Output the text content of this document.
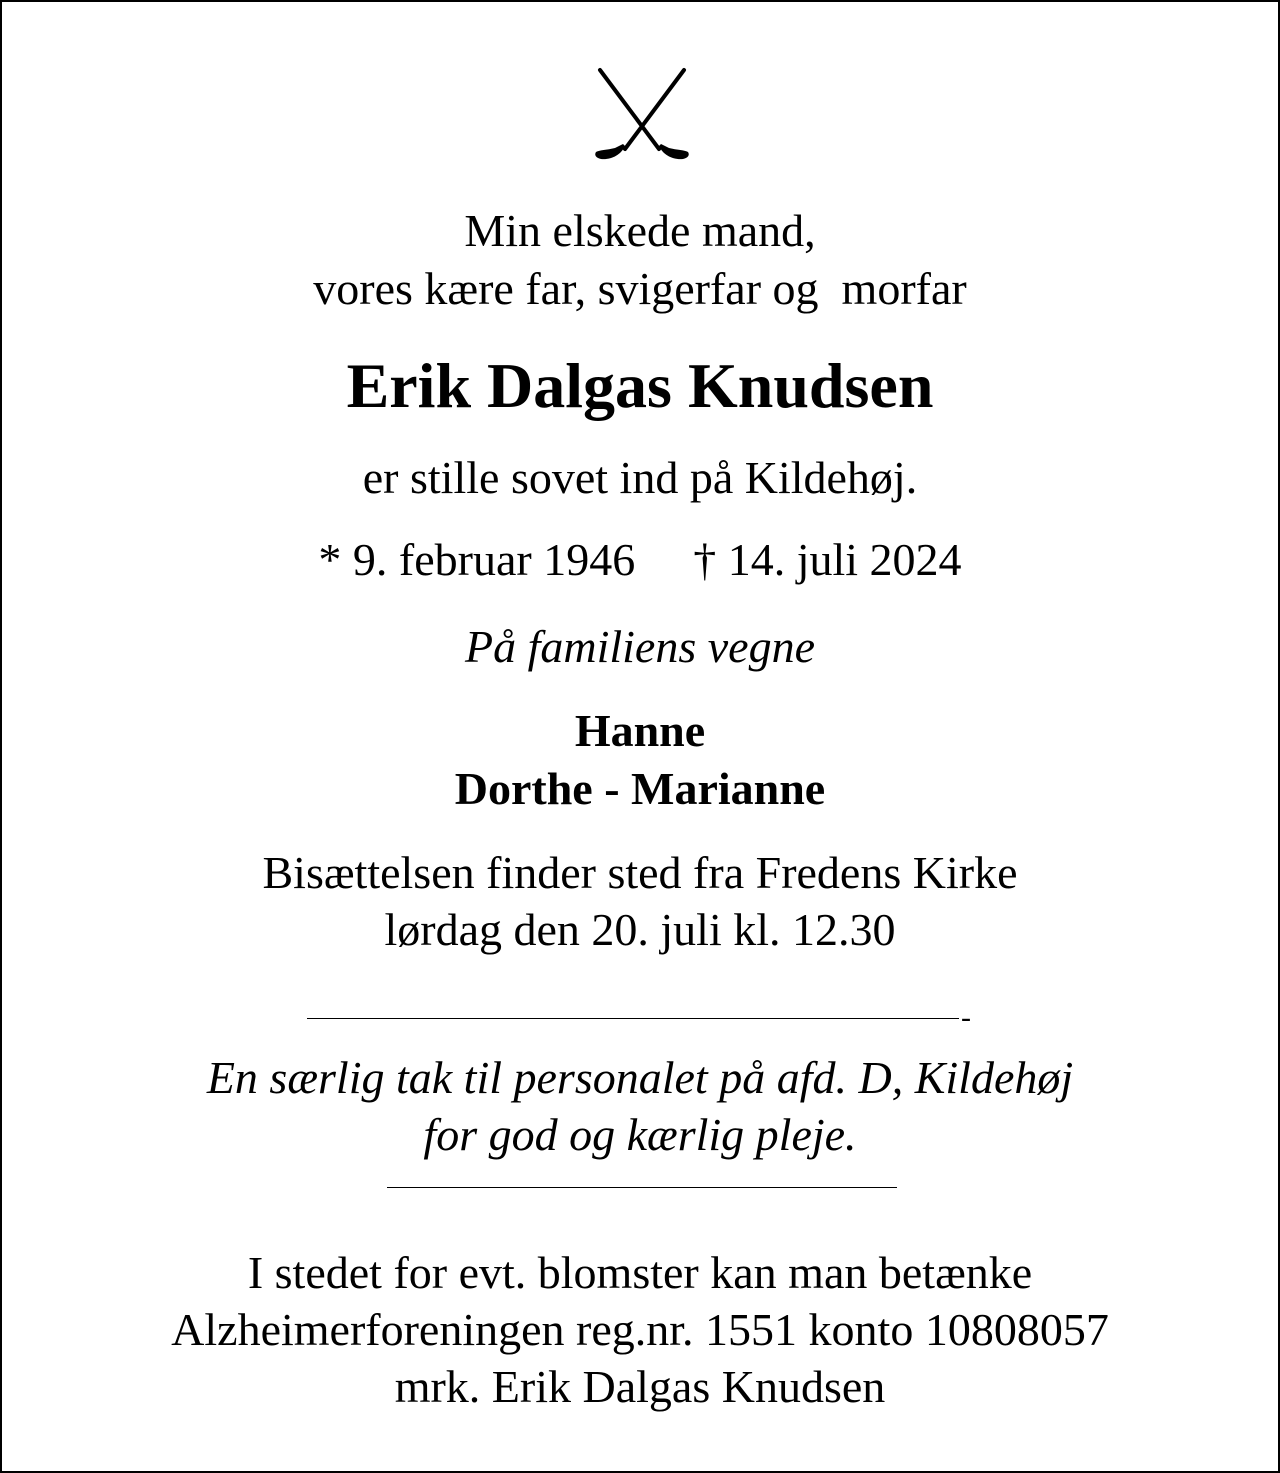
Min elskede mand,
vores kære far, svigerfar og  morfar
Erik Dalgas Knudsen
er stille sovet ind på Kildehøj.
* 9. februar 1946 † 14. juli 2024
På familiens vegne
Hanne
Dorthe - Marianne
Bisættelsen finder sted fra Fredens Kirke
lørdag den 20. juli kl. 12.30
-
En særlig tak til personalet på afd. D, Kildehøj
for god og kærlig pleje.
I stedet for evt. blomster kan man betænke
Alzheimerforeningen reg.nr. 1551 konto 10808057
mrk. Erik Dalgas Knudsen
